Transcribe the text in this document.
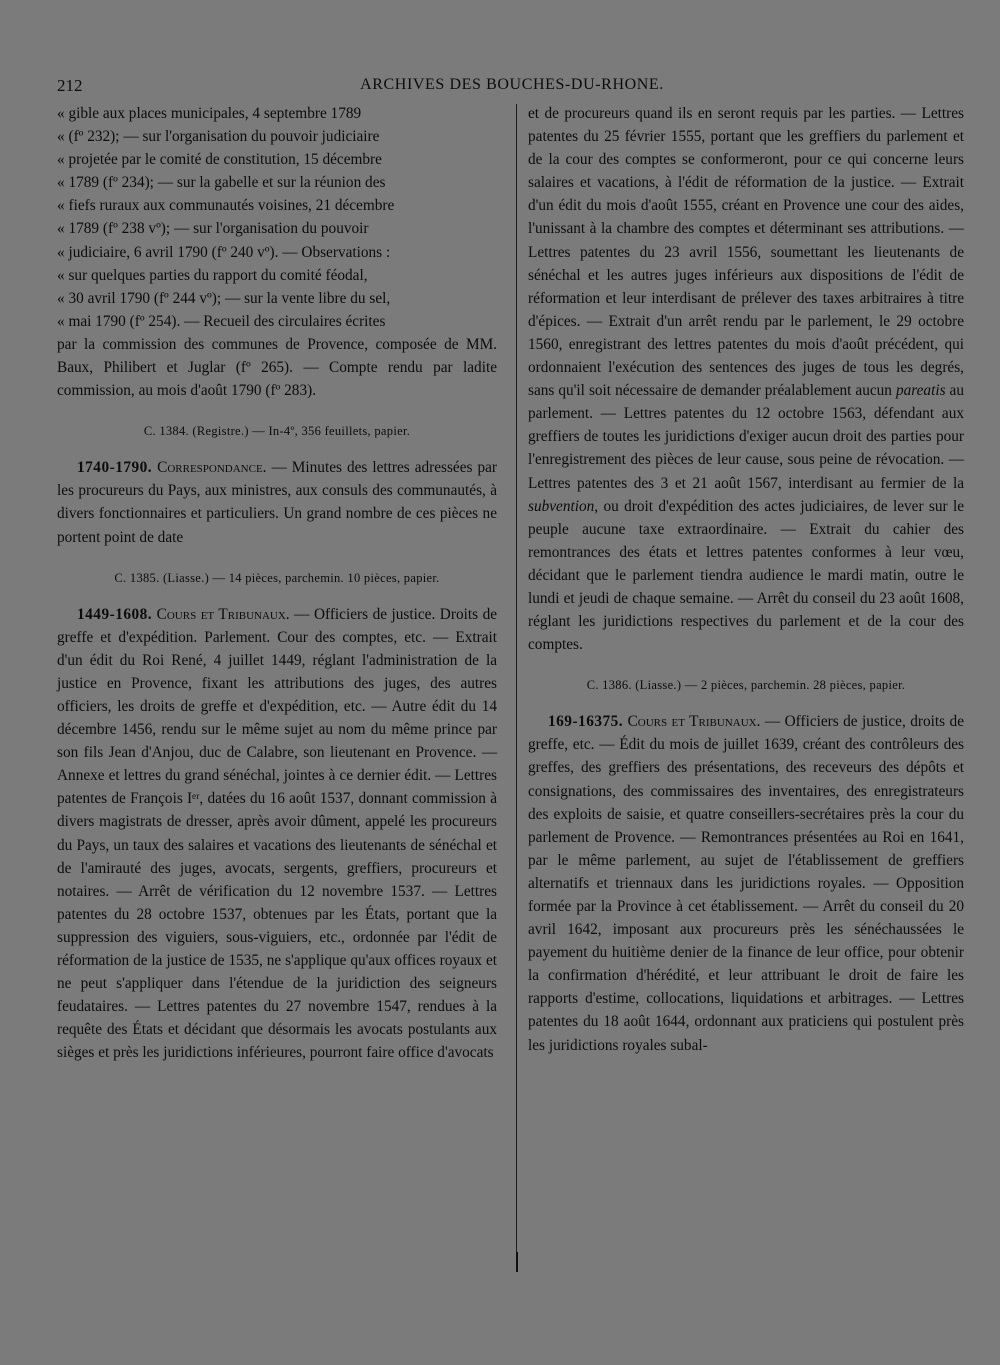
212	ARCHIVES DES BOUCHES-DU-RHONE.

« gible aux places municipales, 4 septembre 1789

« (fº 232); — sur l'organisation du pouvoir judiciaire

« projetée par le comité de constitution, 15 décembre

« 1789 (fº 234); — sur la gabelle et sur la réunion des

« fiefs ruraux aux communautés voisines, 21 décembre

« 1789 (fº 238 vº); — sur l'organisation du pouvoir

« judiciaire, 6 avril 1790 (fº 240 vº). — Observations :

« sur quelques parties du rapport du comité féodal,

« 30 avril 1790 (fº 244 vº); — sur la vente libre du sel,

« mai 1790 (fº 254). — Recueil des circulaires écrites

par la commission des communes de Provence, composée de MM. Baux, Philibert et Juglar (fº 265). — Compte rendu par ladite commission, au mois d'août 1790 (fº 283).

C. 1384. (Registre.) — In-4º, 356 feuillets, papier.

1740-1790. Correspondance. — Minutes des lettres adressées par les procureurs du Pays, aux ministres, aux consuls des communautés, à divers fonctionnaires et particuliers. Un grand nombre de ces pièces ne portent point de date

C. 1385. (Liasse.) — 14 pièces, parchemin. 10 pièces, papier.

1449-1608. Cours et Tribunaux. — Officiers de justice. Droits de greffe et d'expédition. Parlement. Cour des comptes, etc. — Extrait d'un édit du Roi René, 4 juillet 1449, réglant l'administration de la justice en Provence, fixant les attributions des juges, des autres officiers, les droits de greffe et d'expédition, etc. — Autre édit du 14 décembre 1456, rendu sur le même sujet au nom du même prince par son fils Jean d'Anjou, duc de Calabre, son lieutenant en Provence. — Annexe et lettres du grand sénéchal, jointes à ce dernier édit. — Lettres patentes de François Iᵉʳ, datées du 16 août 1537, donnant commission à divers magistrats de dresser, après avoir dûment, appelé les procureurs du Pays, un taux des salaires et vacations des lieutenants de sénéchal et de l'amirauté des juges, avocats, sergents, greffiers, procureurs et notaires. — Arrêt de vérification du 12 novembre 1537. — Lettres patentes du 28 octobre 1537, obtenues par les États, portant que la suppression des viguiers, sous-viguiers, etc., ordonnée par l'édit de réformation de la justice de 1535, ne s'applique qu'aux offices royaux et ne peut s'appliquer dans l'étendue de la juridiction des seigneurs feudataires. — Lettres patentes du 27 novembre 1547, rendues à la requête des États et décidant que désormais les avocats postulants aux sièges et près les juridictions inférieures, pourront faire office d'avocats

et de procureurs quand ils en seront requis par les parties. — Lettres patentes du 25 février 1555, portant que les greffiers du parlement et de la cour des comptes se conformeront, pour ce qui concerne leurs salaires et vacations, à l'édit de réformation de la justice. — Extrait d'un édit du mois d'août 1555, créant en Provence une cour des aides, l'unissant à la chambre des comptes et déterminant ses attributions. — Lettres patentes du 23 avril 1556, soumettant les lieutenants de sénéchal et les autres juges inférieurs aux dispositions de l'édit de réformation et leur interdisant de prélever des taxes arbitraires à titre d'épices. — Extrait d'un arrêt rendu par le parlement, le 29 octobre 1560, enregistrant des lettres patentes du mois d'août précédent, qui ordonnaient l'exécution des sentences des juges de tous les degrés, sans qu'il soit nécessaire de demander préalablement aucun pareatis au parlement. — Lettres patentes du 12 octobre 1563, défendant aux greffiers de toutes les juridictions d'exiger aucun droit des parties pour l'enregistrement des pièces de leur cause, sous peine de révocation. — Lettres patentes des 3 et 21 août 1567, interdisant au fermier de la subvention, ou droit d'expédition des actes judiciaires, de lever sur le peuple aucune taxe extraordinaire. — Extrait du cahier des remontrances des états et lettres patentes conformes à leur vœu, décidant que le parlement tiendra audience le mardi matin, outre le lundi et jeudi de chaque semaine. — Arrêt du conseil du 23 août 1608, réglant les juridictions respectives du parlement et de la cour des comptes.

C. 1386. (Liasse.) — 2 pièces, parchemin. 28 pièces, papier.

169-16375. Cours et Tribunaux. — Officiers de justice, droits de greffe, etc. — Édit du mois de juillet 1639, créant des contrôleurs des greffes, des greffiers des présentations, des receveurs des dépôts et consignations, des commissaires des inventaires, des enregistrateurs des exploits de saisie, et quatre conseillers-secrétaires près la cour du parlement de Provence. — Remontrances présentées au Roi en 1641, par le même parlement, au sujet de l'établissement de greffiers alternatifs et triennaux dans les juridictions royales. — Opposition formée par la Province à cet établissement. — Arrêt du conseil du 20 avril 1642, imposant aux procureurs près les sénéchaussées le payement du huitième denier de la finance de leur office, pour obtenir la confirmation d'hérédité, et leur attribuant le droit de faire les rapports d'estime, collocations, liquidations et arbitrages. — Lettres patentes du 18 août 1644, ordonnant aux praticiens qui postulent près les juridictions royales subal-
